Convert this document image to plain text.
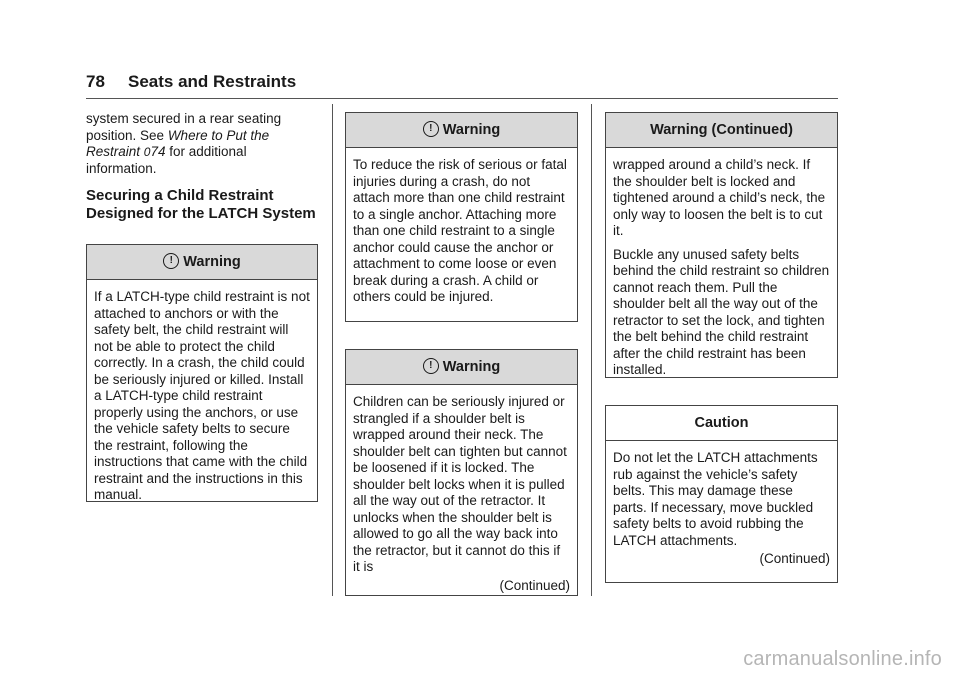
78 Seats and Restraints
system secured in a rear seating position. See Where to Put the Restraint 074 for additional information.
Securing a Child Restraint Designed for the LATCH System
! Warning
If a LATCH-type child restraint is not attached to anchors or with the safety belt, the child restraint will not be able to protect the child correctly. In a crash, the child could be seriously injured or killed. Install a LATCH-type child restraint properly using the anchors, or use the vehicle safety belts to secure the restraint, following the instructions that came with the child restraint and the instructions in this manual.
! Warning
To reduce the risk of serious or fatal injuries during a crash, do not attach more than one child restraint to a single anchor. Attaching more than one child restraint to a single anchor could cause the anchor or attachment to come loose or even break during a crash. A child or others could be injured.
! Warning
Children can be seriously injured or strangled if a shoulder belt is wrapped around their neck. The shoulder belt can tighten but cannot be loosened if it is locked. The shoulder belt locks when it is pulled all the way out of the retractor. It unlocks when the shoulder belt is allowed to go all the way back into the retractor, but it cannot do this if it is
(Continued)
Warning (Continued)

wrapped around a child’s neck. If the shoulder belt is locked and tightened around a child’s neck, the only way to loosen the belt is to cut it.

Buckle any unused safety belts behind the child restraint so children cannot reach them. Pull the shoulder belt all the way out of the retractor to set the lock, and tighten the belt behind the child restraint after the child restraint has been installed.

Caution
Do not let the LATCH attachments rub against the vehicle’s safety belts. This may damage these parts. If necessary, move buckled safety belts to avoid rubbing the LATCH attachments.
(Continued)
carmanualsonline.info
